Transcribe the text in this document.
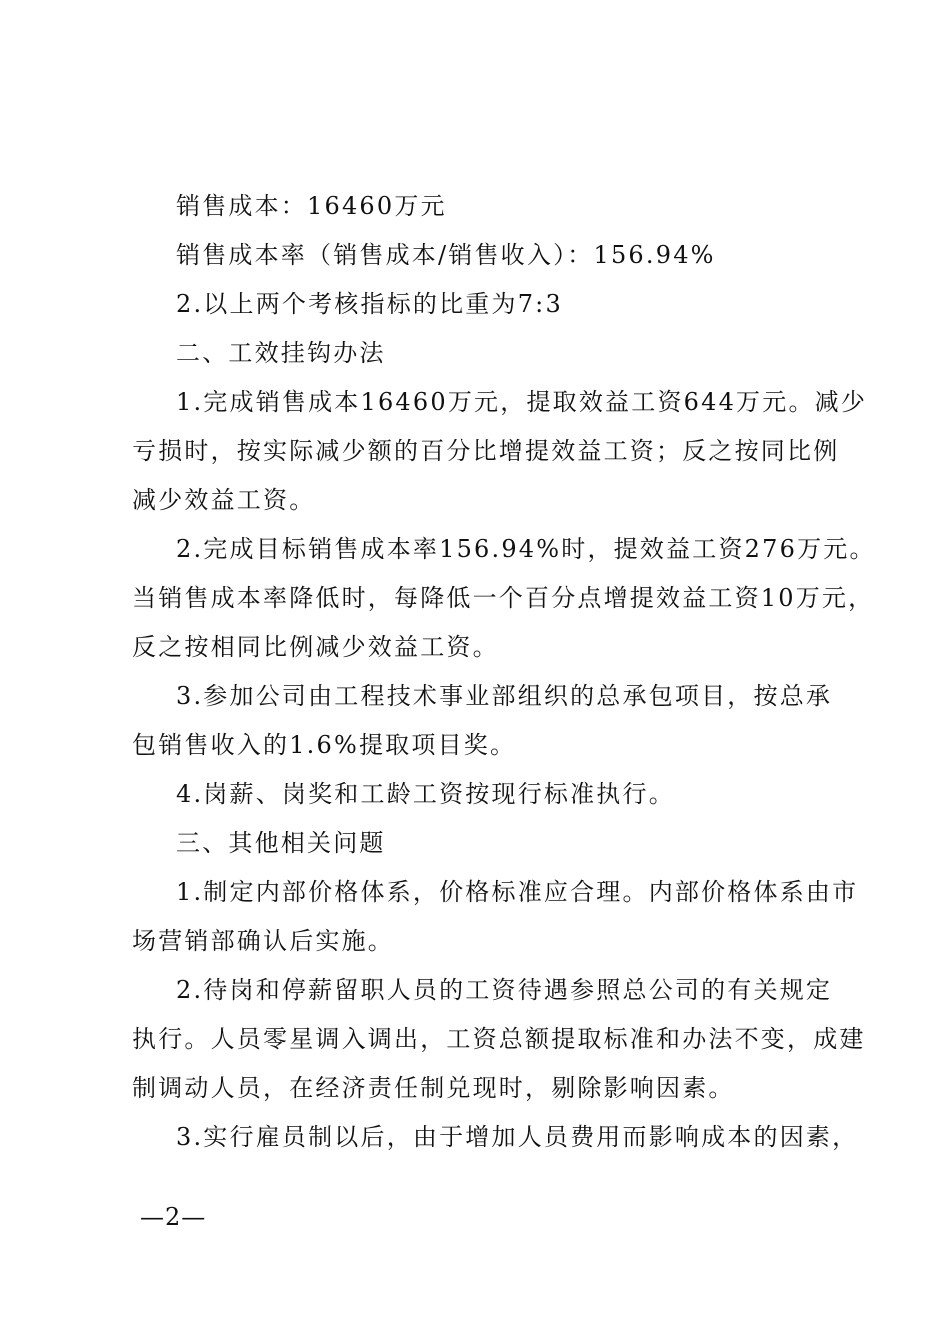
销售成本：16460万元
销售成本率（销售成本/销售收入）：156.94%
2.以上两个考核指标的比重为7:3
二、工效挂钩办法
1.完成销售成本16460万元，提取效益工资644万元。减少
亏损时，按实际减少额的百分比增提效益工资；反之按同比例
减少效益工资。
2.完成目标销售成本率156.94%时，提效益工资276万元。
当销售成本率降低时，每降低一个百分点增提效益工资10万元，
反之按相同比例减少效益工资。
3.参加公司由工程技术事业部组织的总承包项目，按总承
包销售收入的1.6%提取项目奖。
4.岗薪、岗奖和工龄工资按现行标准执行。
三、其他相关问题
1.制定内部价格体系，价格标准应合理。内部价格体系由市
场营销部确认后实施。
2.待岗和停薪留职人员的工资待遇参照总公司的有关规定
执行。人员零星调入调出，工资总额提取标准和办法不变，成建
制调动人员，在经济责任制兑现时，剔除影响因素。
3.实行雇员制以后，由于增加人员费用而影响成本的因素，
—2—
